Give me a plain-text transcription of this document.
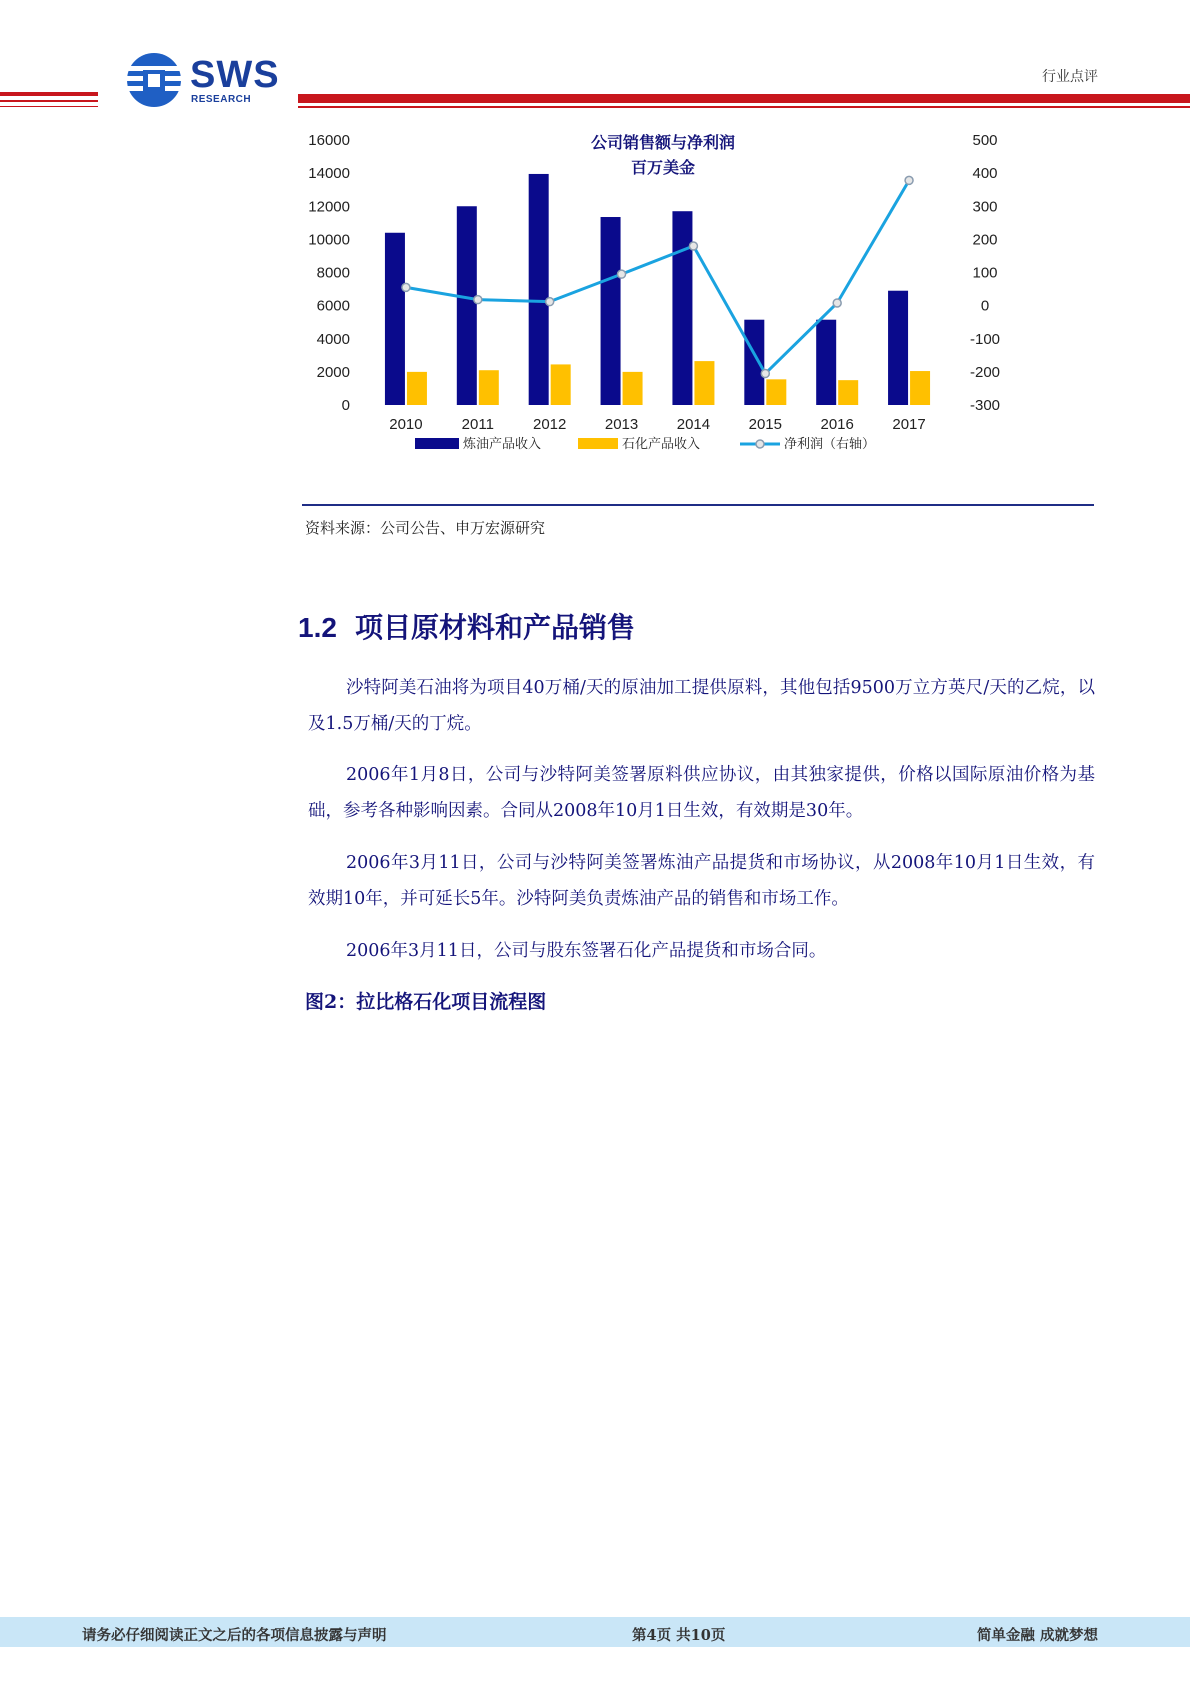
SWS
RESEARCH
行业点评
0
2000
4000
6000
8000
10000
12000
14000
16000
-300
-200
-100
0
100
200
300
400
500
2010	2011	2012	2013	2014	2015	2016	2017
公司销售额与净利润
百万美金
炼油产品收入	石化产品收入	净利润（右轴）
资料来源：公司公告、申万宏源研究
1.2 项目原材料和产品销售

沙特阿美石油将为项目40万桶/天的原油加工提供原料，其他包括9500万立方英尺/天的乙烷，以及1.5万桶/天的丁烷。

2006年1月8日，公司与沙特阿美签署原料供应协议，由其独家提供，价格以国际原油价格为基础，参考各种影响因素。合同从2008年10月1日生效，有效期是30年。

2006年3月11日，公司与沙特阿美签署炼油产品提货和市场协议，从2008年10月1日生效，有效期10年，并可延长5年。沙特阿美负责炼油产品的销售和市场工作。

2006年3月11日，公司与股东签署石化产品提货和市场合同。

图2：拉比格石化项目流程图
请务必仔细阅读正文之后的各项信息披露与声明	第4页 共10页	简单金融 成就梦想
